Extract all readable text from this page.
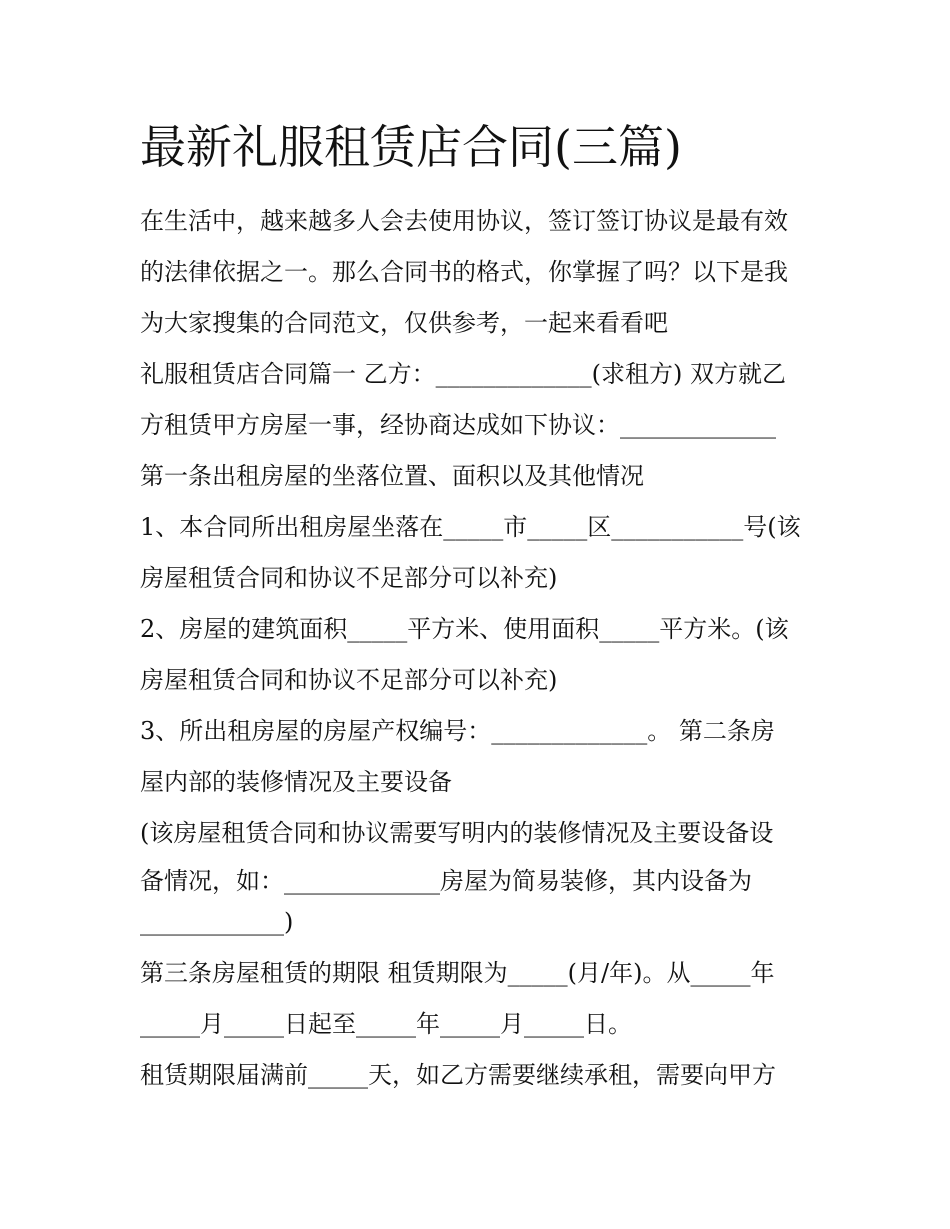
最新礼服租赁店合同(三篇)
在生活中，越来越多人会去使用协议，签订签订协议是最有效
的法律依据之一。那么合同书的格式，你掌握了吗？以下是我
为大家搜集的合同范文，仅供参考，一起来看看吧
礼服租赁店合同篇一 乙方：_____________(求租方) 双方就乙
方租赁甲方房屋一事，经协商达成如下协议：_____________
第一条出租房屋的坐落位置、面积以及其他情况
1、本合同所出租房屋坐落在_____市_____区___________号(该
房屋租赁合同和协议不足部分可以补充)
2、房屋的建筑面积_____平方米、使用面积_____平方米。(该
房屋租赁合同和协议不足部分可以补充)
3、所出租房屋的房屋产权编号：_____________。 第二条房
屋内部的装修情况及主要设备
(该房屋租赁合同和协议需要写明内的装修情况及主要设备设
备情况，如：_____________房屋为简易装修，其内设备为
____________)
第三条房屋租赁的期限 租赁期限为_____(月/年)。从_____年
_____月_____日起至_____年_____月_____日。
租赁期限届满前_____天，如乙方需要继续承租，需要向甲方
